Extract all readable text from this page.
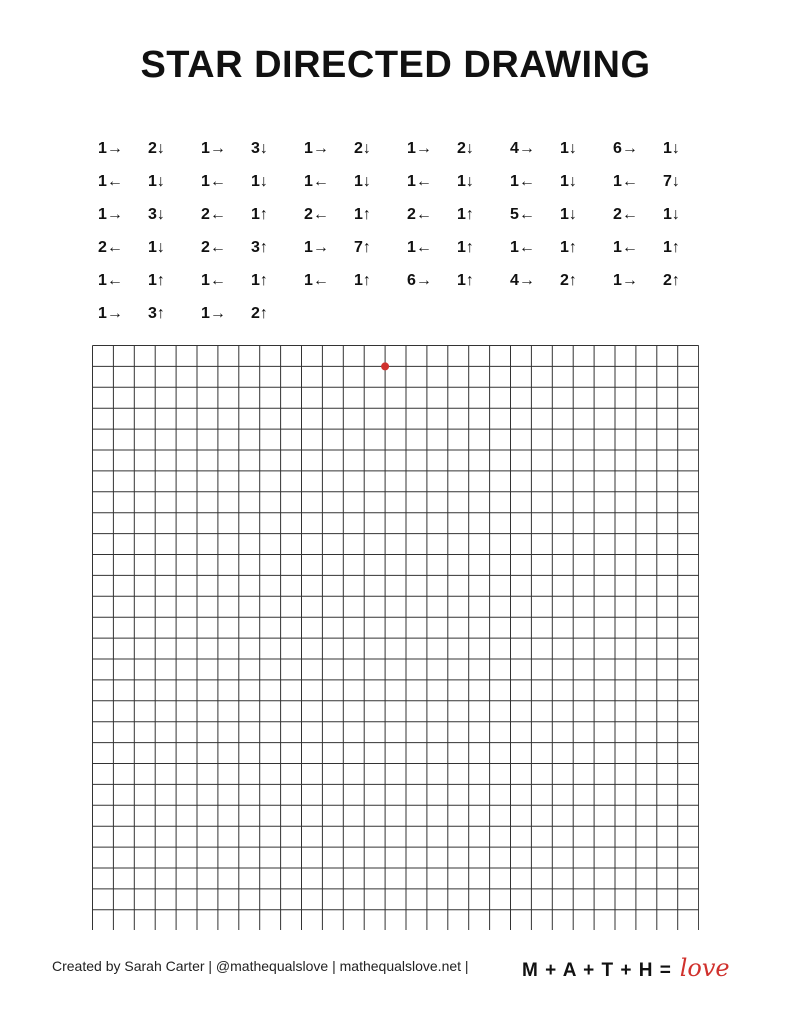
STAR DIRECTED DRAWING
1→ 2↓ 1→ 3↓ 1→ 2↓ 1→ 2↓ 4→ 1↓ 6→ 1↓
1← 1↓ 1← 1↓ 1← 1↓ 1← 1↓ 1← 1↓ 1← 7↓
1→ 3↓ 2← 1↑ 2← 1↑ 2← 1↑ 5← 1↓ 2← 1↓
2← 1↓ 2← 3↑ 1→ 7↑ 1← 1↑ 1← 1↑ 1← 1↑
1← 1↑ 1← 1↑ 1← 1↑ 6→ 1↑ 4→ 2↑ 1→ 2↑
1→ 3↑ 1→ 2↑
Created by Sarah Carter | @mathequalslove | mathequalslove.net |	M + A + T + H = love
